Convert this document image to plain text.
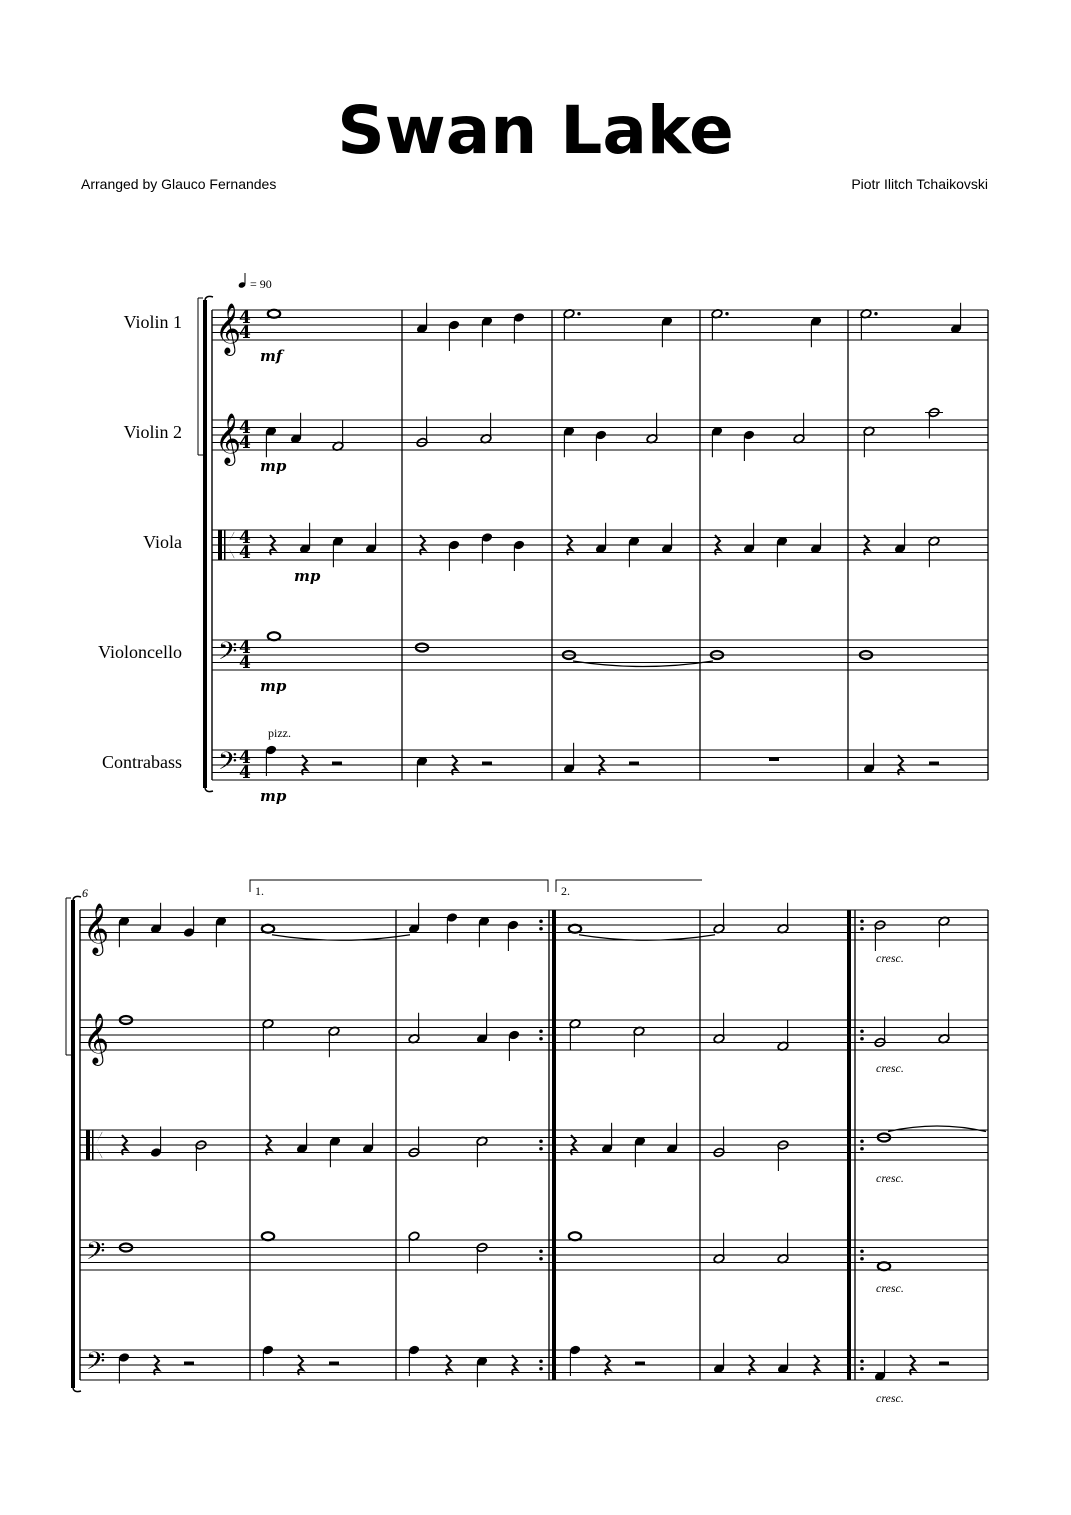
Swan Lake
Arranged by Glauco Fernandes	Piotr Ilitch Tchaikovski
= 90
Violin 1 𝄞
4
4
mf
Violin 2 𝄞
4
4
mp
Viola	4
4
mp
Violoncello 𝄢 4
4
mp
Contrabass 𝄢 4
4
mp
pizz.
𝄞
cresc.
𝄞
cresc.
cresc.
𝄢
cresc.
𝄢
cresc.
6	1.	2.
